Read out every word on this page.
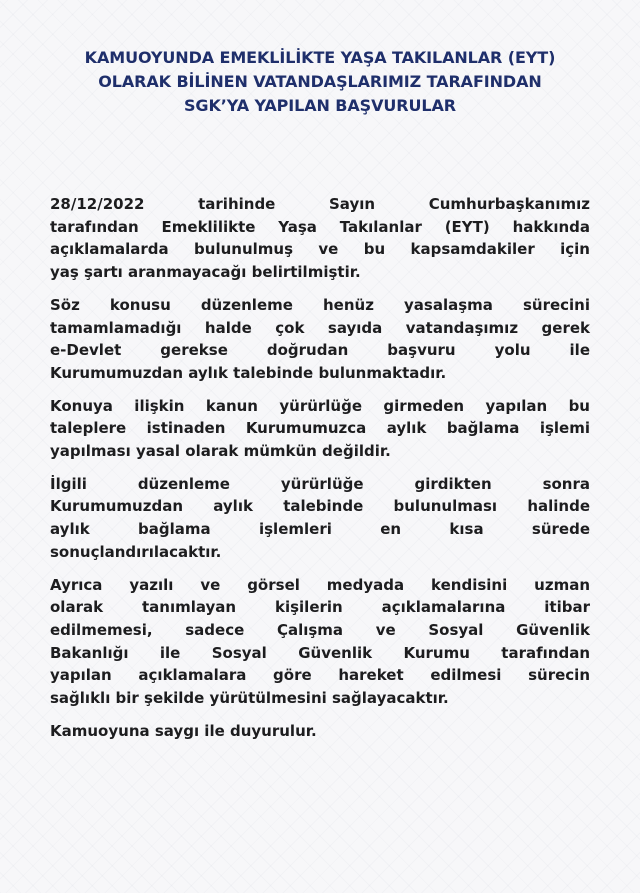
KAMUOYUNDA EMEKLİLİKTE YAŞA TAKILANLAR (EYT)
OLARAK BİLİNEN VATANDAŞLARIMIZ TARAFINDAN
SGK’YA YAPILAN BAŞVURULAR
28/12/2022 tarihinde Sayın Cumhurbaşkanımız
tarafından Emeklilikte Yaşa Takılanlar (EYT) hakkında
açıklamalarda bulunulmuş ve bu kapsamdakiler için
yaş şartı aranmayacağı belirtilmiştir.
Söz konusu düzenleme henüz yasalaşma sürecini
tamamlamadığı halde çok sayıda vatandaşımız gerek
e-Devlet gerekse doğrudan başvuru yolu ile
Kurumumuzdan aylık talebinde bulunmaktadır.
Konuya ilişkin kanun yürürlüğe girmeden yapılan bu
taleplere istinaden Kurumumuzca aylık bağlama işlemi
yapılması yasal olarak mümkün değildir.
İlgili düzenleme yürürlüğe girdikten sonra
Kurumumuzdan aylık talebinde bulunulması halinde
aylık bağlama işlemleri en kısa sürede
sonuçlandırılacaktır.
Ayrıca yazılı ve görsel medyada kendisini uzman
olarak tanımlayan kişilerin açıklamalarına itibar
edilmemesi, sadece Çalışma ve Sosyal Güvenlik
Bakanlığı ile Sosyal Güvenlik Kurumu tarafından
yapılan açıklamalara göre hareket edilmesi sürecin
sağlıklı bir şekilde yürütülmesini sağlayacaktır.
Kamuoyuna saygı ile duyurulur.
